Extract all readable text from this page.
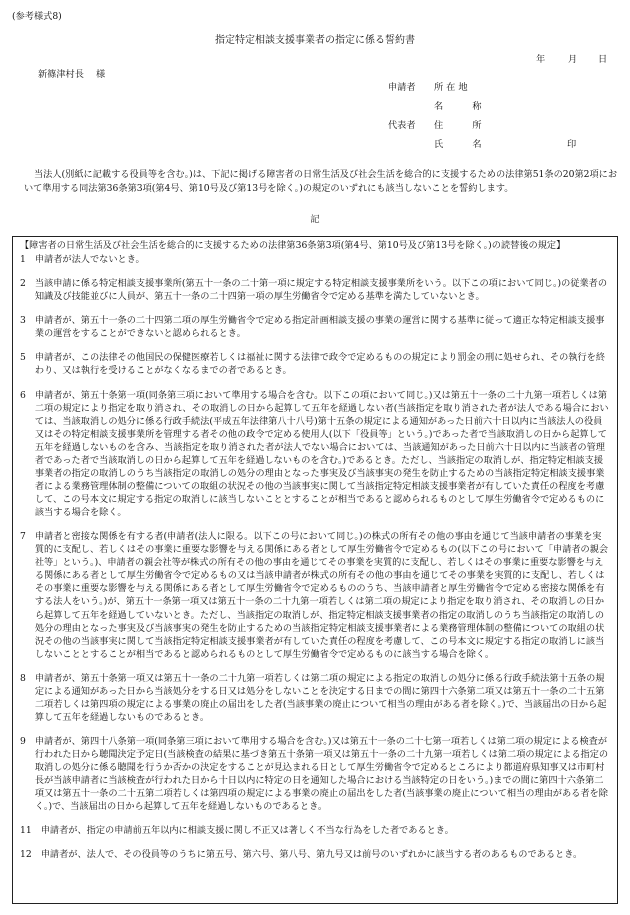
(参考様式8)
指定特定相談支援事業者の指定に係る誓約書
年 月 日
新篠津村長 様
申請者 所在地
名　称
代表者 住　所
氏　名	印
当法人(別紙に記載する役員等を含む。)は、下記に掲げる障害者の日常生活及び社会生活を総合的に支援するための法律第51条の20第2項において準用する同法第36条第3項(第4号、第10号及び第13号を除く。)の規定のいずれにも該当しないことを誓約します。
記
【障害者の日常生活及び社会生活を総合的に支援するための法律第36条第3項(第4号、第10号及び第13号を除く。)の読替後の規定】
1 申請者が法人でないとき。
2 当該申請に係る特定相談支援事業所(第五十一条の二十第一項に規定する特定相談支援事業所をいう。以下この項において同じ。)の従業者の知識及び技能並びに人員が、第五十一条の二十四第一項の厚生労働省令で定める基準を満たしていないとき。
3 申請者が、第五十一条の二十四第二項の厚生労働省令で定める指定計画相談支援の事業の運営に関する基準に従って適正な特定相談支援事業の運営をすることができないと認められるとき。
5 申請者が、この法律その他国民の保健医療若しくは福祉に関する法律で政令で定めるものの規定により罰金の刑に処せられ、その執行を終わり、又は執行を受けることがなくなるまでの者であるとき。
6 申請者が、第五十条第一項(同条第三項において準用する場合を含む。以下この項において同じ。)又は第五十一条の二十九第一項若しくは第二項の規定により指定を取り消され、その取消しの日から起算して五年を経過しない者(当該指定を取り消された者が法人である場合においては、当該取消しの処分に係る行政手続法(平成五年法律第八十八号)第十五条の規定による通知があった日前六十日以内に当該法人の役員又はその特定相談支援事業所を管理する者その他の政令で定める使用人(以下「役員等」という。)であった者で当該取消しの日から起算して五年を経過しないものを含み、当該指定を取り消された者が法人でない場合においては、当該通知があった日前六十日以内に当該者の管理者であった者で当該取消しの日から起算して五年を経過しないものを含む。)であるとき。ただし、当該指定の取消しが、指定特定相談支援事業者の指定の取消しのうち当該指定の取消しの処分の理由となった事実及び当該事実の発生を防止するための当該指定特定相談支援事業者による業務管理体制の整備についての取組の状況その他の当該事実に関して当該指定特定相談支援事業者が有していた責任の程度を考慮して、この号本文に規定する指定の取消しに該当しないこととすることが相当であると認められるものとして厚生労働省令で定めるものに該当する場合を除く。
7 申請者と密接な関係を有する者(申請者(法人に限る。以下この号において同じ。)の株式の所有その他の事由を通じて当該申請者の事業を実質的に支配し、若しくはその事業に重要な影響を与える関係にある者として厚生労働省令で定めるもの(以下この号において「申請者の親会社等」という。)、申請者の親会社等が株式の所有その他の事由を通じてその事業を実質的に支配し、若しくはその事業に重要な影響を与える関係にある者として厚生労働省令で定めるもの又は当該申請者が株式の所有その他の事由を通じてその事業を実質的に支配し、若しくはその事業に重要な影響を与える関係にある者として厚生労働省令で定めるもののうち、当該申請者と厚生労働省令で定める密接な関係を有する法人をいう。)が、第五十一条第一項又は第五十一条の二十九第一項若しくは第二項の規定により指定を取り消され、その取消しの日から起算して五年を経過していないとき。ただし、当該指定の取消しが、指定特定相談支援事業者の指定の取消しのうち当該指定の取消しの処分の理由となった事実及び当該事実の発生を防止するための当該指定特定相談支援事業者による業務管理体制の整備についての取組の状況その他の当該事実に関して当該指定特定相談支援事業者が有していた責任の程度を考慮して、この号本文に規定する指定の取消しに該当しないこととすることが相当であると認められるものとして厚生労働省令で定めるものに該当する場合を除く。
8 申請者が、第五十条第一項又は第五十一条の二十九第一項若しくは第二項の規定による指定の取消しの処分に係る行政手続法第十五条の規定による通知があった日から当該処分をする日又は処分をしないことを決定する日までの間に第四十六条第二項又は第五十一条の二十五第二項若しくは第四項の規定による事業の廃止の届出をした者(当該事業の廃止について相当の理由がある者を除く。)で、当該届出の日から起算して五年を経過しないものであるとき。
9 申請者が、第四十八条第一項(同条第三項において準用する場合を含む。)又は第五十一条の二十七第一項若しくは第二項の規定による検査が行われた日から聴聞決定予定日(当該検査の結果に基づき第五十条第一項又は第五十一条の二十九第一項若しくは第二項の規定による指定の取消しの処分に係る聴聞を行うか否かの決定をすることが見込まれる日として厚生労働省令で定めるところにより都道府県知事又は市町村長が当該申請者に当該検査が行われた日から十日以内に特定の日を通知した場合における当該特定の日をいう。)までの間に第四十六条第二項又は第五十一条の二十五第二項若しくは第四項の規定による事業の廃止の届出をした者(当該事業の廃止について相当の理由がある者を除く。)で、当該届出の日から起算して五年を経過しないものであるとき。
11 申請者が、指定の申請前五年以内に相談支援に関し不正又は著しく不当な行為をした者であるとき。
12 申請者が、法人で、その役員等のうちに第五号、第六号、第八号、第九号又は前号のいずれかに該当する者のあるものであるとき。
